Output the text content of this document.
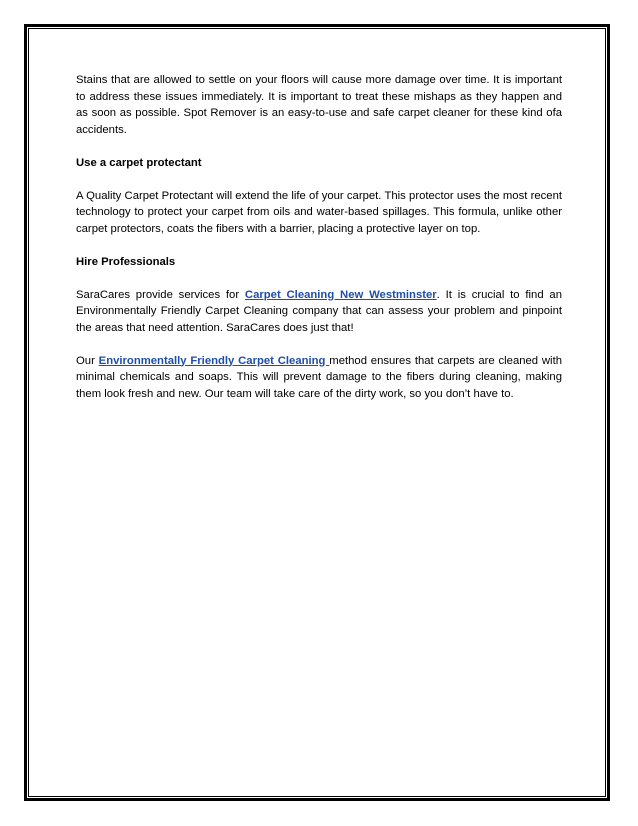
Stains that are allowed to settle on your floors will cause more damage over time. It is important to address these issues immediately. It is important to treat these mishaps as they happen and as soon as possible. Spot Remover is an easy-to-use and safe carpet cleaner for these kind ofa accidents.

Use a carpet protectant

A Quality Carpet Protectant will extend the life of your carpet. This protector uses the most recent technology to protect your carpet from oils and water-based spillages. This formula, unlike other carpet protectors, coats the fibers with a barrier, placing a protective layer on top.

Hire Professionals

SaraCares provide services for Carpet Cleaning New Westminster. It is crucial to find an Environmentally Friendly Carpet Cleaning company that can assess your problem and pinpoint the areas that need attention. SaraCares does just that!

Our Environmentally Friendly Carpet Cleaning method ensures that carpets are cleaned with minimal chemicals and soaps. This will prevent damage to the fibers during cleaning, making them look fresh and new. Our team will take care of the dirty work, so you don’t have to.
